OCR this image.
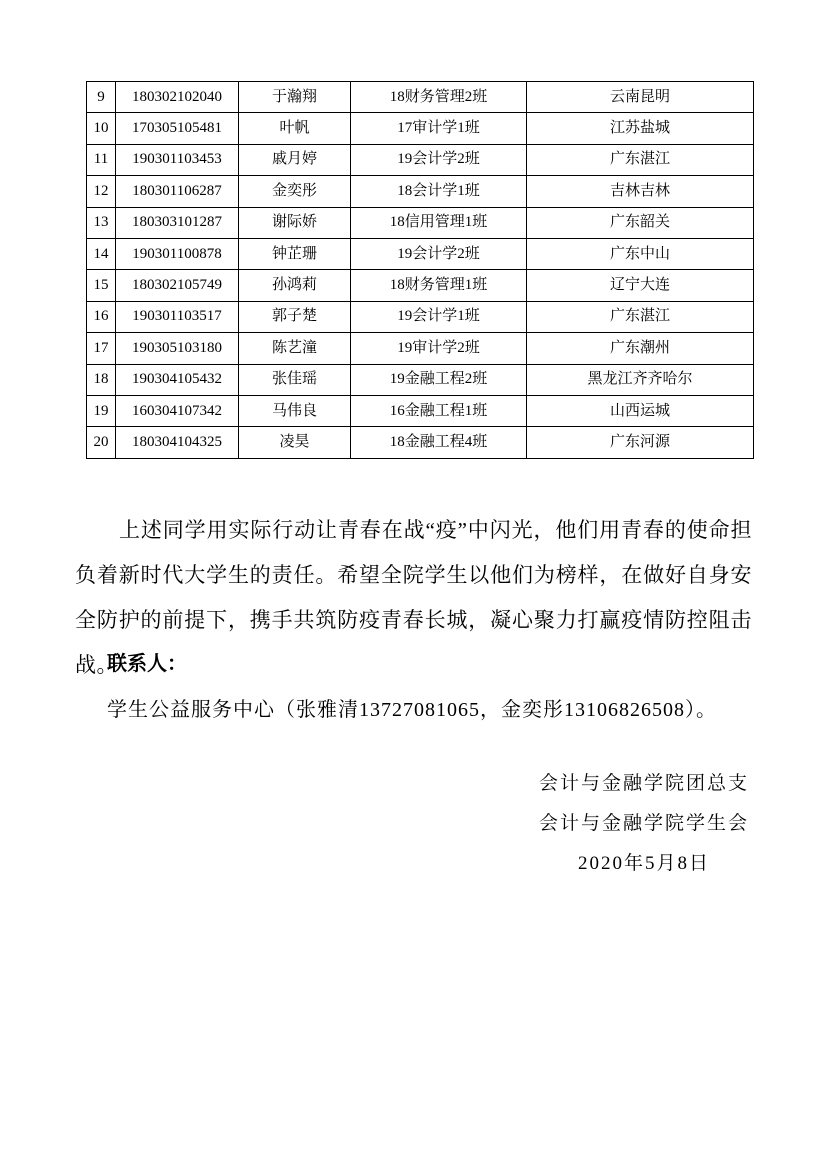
9	180302102040	于瀚翔	18财务管理2班	云南昆明
10	170305105481	叶帆	17审计学1班	江苏盐城
11	190301103453	戚月婷	19会计学2班	广东湛江
12	180301106287	金奕彤	18会计学1班	吉林吉林
13	180303101287	谢际娇	18信用管理1班	广东韶关
14	190301100878	钟芷珊	19会计学2班	广东中山
15	180302105749	孙鸿莉	18财务管理1班	辽宁大连
16	190301103517	郭子楚	19会计学1班	广东湛江
17	190305103180	陈艺潼	19审计学2班	广东潮州
18	190304105432	张佳瑶	19金融工程2班	黑龙江齐齐哈尔
19	160304107342	马伟良	16金融工程1班	山西运城
20	180304104325	凌昊	18金融工程4班	广东河源

上述同学用实际行动让青春在战“疫”中闪光，他们用青春的使命担负着新时代大学生的责任。希望全院学生以他们为榜样，在做好自身安全防护的前提下，携手共筑防疫青春长城，凝心聚力打赢疫情防控阻击战。

联系人：
学生公益服务中心（张雅清13727081065，金奕彤13106826508）。
会计与金融学院团总支
会计与金融学院学生会
2020年5月8日
